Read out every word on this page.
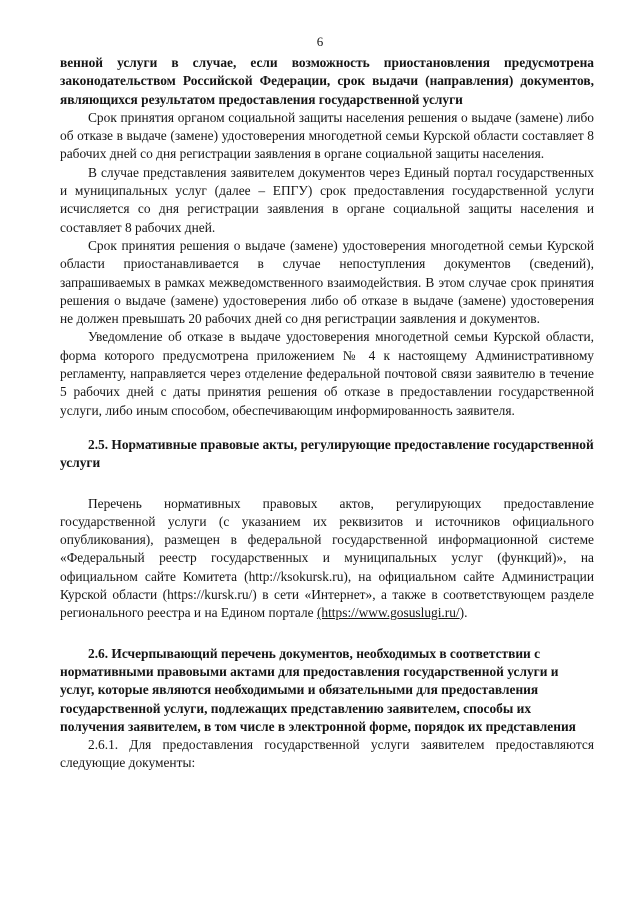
6

венной услуги в случае, если возможность приостановления предусмотрена законодательством Российской Федерации, срок выдачи (направления) документов, являющихся результатом предоставления государственной услуги

Срок принятия органом социальной защиты населения решения о выдаче (замене) либо об отказе в выдаче (замене) удостоверения многодетной семьи Курской области составляет 8 рабочих дней со дня регистрации заявления в органе социальной защиты населения.

В случае представления заявителем документов через Единый портал государственных и муниципальных услуг (далее – ЕПГУ) срок предоставления государственной услуги исчисляется со дня регистрации заявления в органе социальной защиты населения и составляет 8 рабочих дней.

Срок принятия решения о выдаче (замене) удостоверения многодетной семьи Курской области приостанавливается в случае непоступления документов (сведений), запрашиваемых в рамках межведомственного взаимодействия. В этом случае срок принятия решения о выдаче (замене) удостоверения либо об отказе в выдаче (замене) удостоверения не должен превышать 20 рабочих дней со дня регистрации заявления и документов.

Уведомление об отказе в выдаче удостоверения многодетной семьи Курской области, форма которого предусмотрена приложением № 4 к настоящему Административному регламенту, направляется через отделение федеральной почтовой связи заявителю в течение 5 рабочих дней с даты принятия решения об отказе в предоставлении государственной услуги, либо иным способом, обеспечивающим информированность заявителя.

2.5. Нормативные правовые акты, регулирующие предоставление государственной услуги

Перечень нормативных правовых актов, регулирующих предоставление государственной услуги (с указанием их реквизитов и источников официального опубликования), размещен в федеральной государственной информационной системе «Федеральный реестр государственных и муниципальных услуг (функций)», на официальном сайте Комитета (http://ksokursk.ru), на официальном сайте Администрации Курской области (https://kursk.ru/) в сети «Интернет», а также в соответствующем разделе регионального реестра и на Едином портале (https://www.gosuslugi.ru/).

2.6. Исчерпывающий перечень документов, необходимых в соответствии с нормативными правовыми актами для предоставления государственной услуги и услуг, которые являются необходимыми и обязательными для предоставления государственной услуги, подлежащих представлению заявителем, способы их получения заявителем, в том числе в электронной форме, порядок их представления

2.6.1. Для предоставления государственной услуги заявителем предоставляются следующие документы:
